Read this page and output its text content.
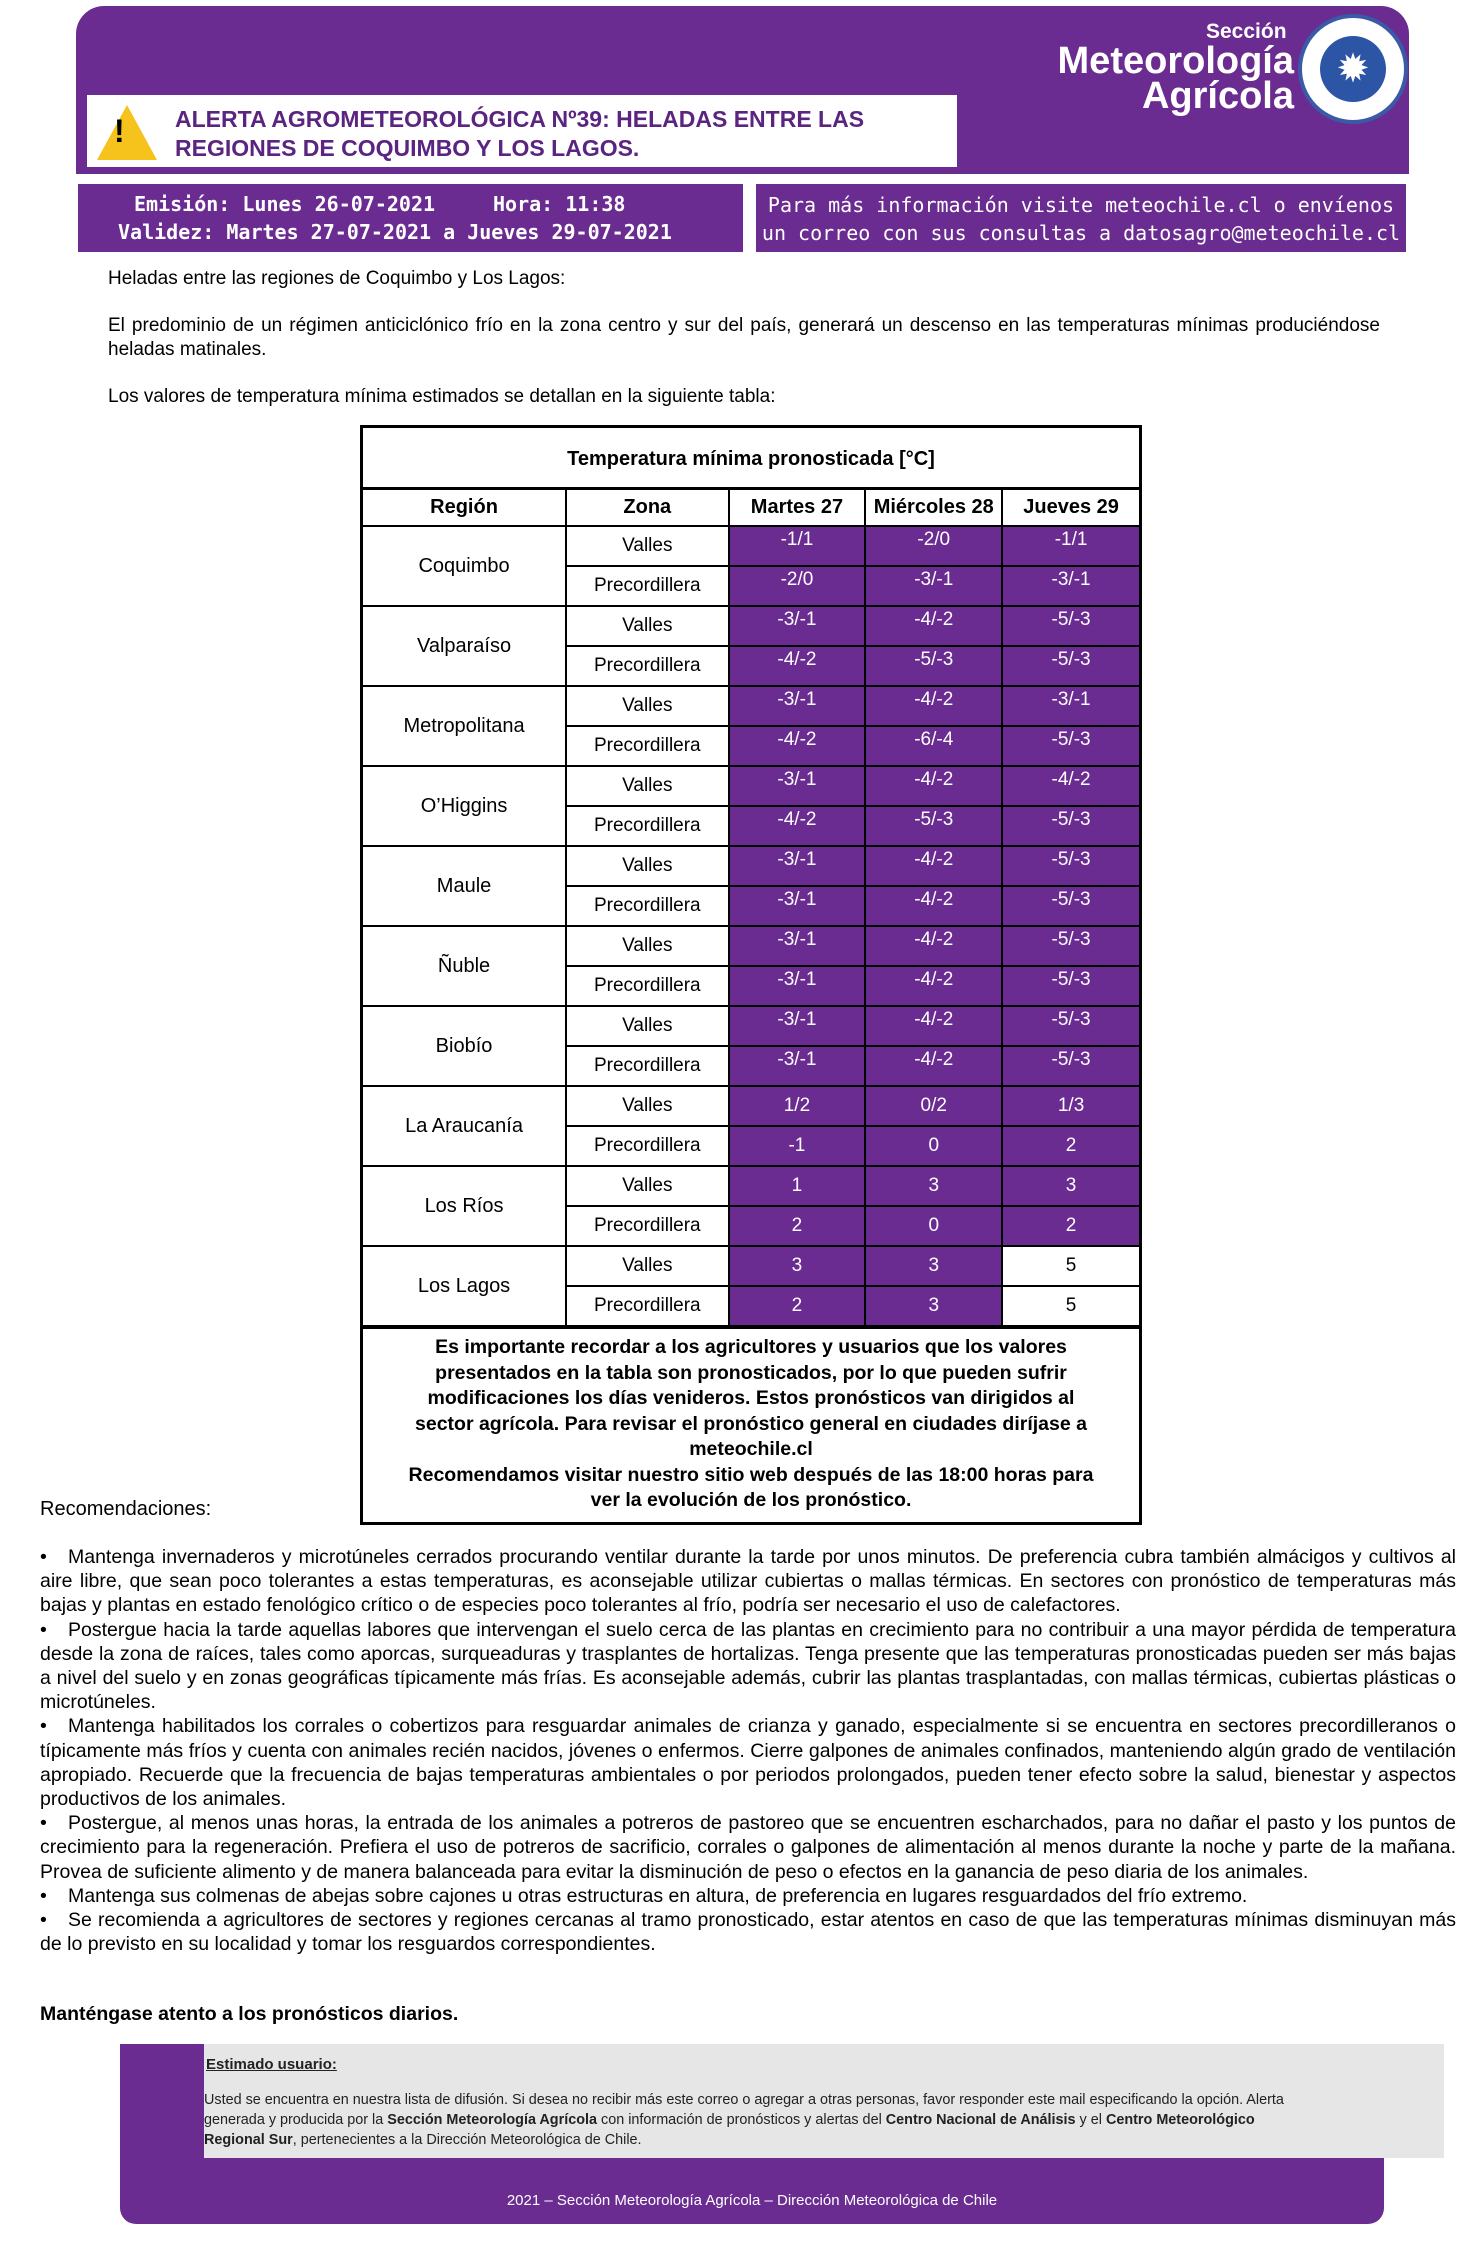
! ALERTA AGROMETEOROLÓGICA Nº39: HELADAS ENTRE LAS REGIONES DE COQUIMBO Y LOS LAGOS.
Sección
Meteorología
Agrícola
✹
Emisión: Lunes 26-07-2021	Hora: 11:38
Validez: Martes 27-07-2021 a Jueves 29-07-2021
Para más información visite meteochile.cl o envíenos un correo con sus consultas a datosagro@meteochile.cl
Heladas entre las regiones de Coquimbo y Los Lagos:
El predominio de un régimen anticiclónico frío en la zona centro y sur del país, generará un descenso en las temperaturas mínimas produciéndose heladas matinales.
Los valores de temperatura mínima estimados se detallan en la siguiente tabla:
Temperatura mínima pronosticada [°C]
Región	Zona	Martes 27	Miércoles 28	Jueves 29
Coquimbo	Valles	-1/1	-2/0	-1/1
	Precordillera	-2/0	-3/-1	-3/-1
Valparaíso	Valles	-3/-1	-4/-2	-5/-3
	Precordillera	-4/-2	-5/-3	-5/-3
Metropolitana	Valles	-3/-1	-4/-2	-3/-1
	Precordillera	-4/-2	-6/-4	-5/-3
O’Higgins	Valles	-3/-1	-4/-2	-4/-2
	Precordillera	-4/-2	-5/-3	-5/-3
Maule	Valles	-3/-1	-4/-2	-5/-3
	Precordillera	-3/-1	-4/-2	-5/-3
Ñuble	Valles	-3/-1	-4/-2	-5/-3
	Precordillera	-3/-1	-4/-2	-5/-3
Biobío	Valles	-3/-1	-4/-2	-5/-3
	Precordillera	-3/-1	-4/-2	-5/-3
La Araucanía	Valles	1/2	0/2	1/3
	Precordillera	-1	0	2
Los Ríos	Valles	1	3	3
	Precordillera	2	0	2
Los Lagos	Valles	3	3	5
	Precordillera	2	3	5
Es importante recordar a los agricultores y usuarios que los valores
presentados en la tabla son pronosticados, por lo que pueden sufrir
modificaciones los días venideros. Estos pronósticos van dirigidos al
sector agrícola. Para revisar el pronóstico general en ciudades diríjase a
meteochile.cl
Recomendamos visitar nuestro sitio web después de las 18:00 horas para
ver la evolución de los pronóstico.
Recomendaciones:
• Mantenga invernaderos y microtúneles cerrados procurando ventilar durante la tarde por unos minutos. De preferencia cubra también almácigos y cultivos al aire libre, que sean poco tolerantes a estas temperaturas, es aconsejable utilizar cubiertas o mallas térmicas. En sectores con pronóstico de temperaturas más bajas y plantas en estado fenológico crítico o de especies poco tolerantes al frío, podría ser necesario el uso de calefactores.
• Postergue hacia la tarde aquellas labores que intervengan el suelo cerca de las plantas en crecimiento para no contribuir a una mayor pérdida de temperatura desde la zona de raíces, tales como aporcas, surqueaduras y trasplantes de hortalizas. Tenga presente que las temperaturas pronosticadas pueden ser más bajas a nivel del suelo y en zonas geográficas típicamente más frías. Es aconsejable además, cubrir las plantas trasplantadas, con mallas térmicas, cubiertas plásticas o microtúneles.
• Mantenga habilitados los corrales o cobertizos para resguardar animales de crianza y ganado, especialmente si se encuentra en sectores precordilleranos o típicamente más fríos y cuenta con animales recién nacidos, jóvenes o enfermos. Cierre galpones de animales confinados, manteniendo algún grado de ventilación apropiado. Recuerde que la frecuencia de bajas temperaturas ambientales o por periodos prolongados, pueden tener efecto sobre la salud, bienestar y aspectos productivos de los animales.
• Postergue, al menos unas horas, la entrada de los animales a potreros de pastoreo que se encuentren escharchados, para no dañar el pasto y los puntos de crecimiento para la regeneración. Prefiera el uso de potreros de sacrificio, corrales o galpones de alimentación al menos durante la noche y parte de la mañana. Provea de suficiente alimento y de manera balanceada para evitar la disminución de peso o efectos en la ganancia de peso diaria de los animales.
• Mantenga sus colmenas de abejas sobre cajones u otras estructuras en altura, de preferencia en lugares resguardados del frío extremo.
• Se recomienda a agricultores de sectores y regiones cercanas al tramo pronosticado, estar atentos en caso de que las temperaturas mínimas disminuyan más de lo previsto en su localidad y tomar los resguardos correspondientes.
Manténgase atento a los pronósticos diarios.
Estimado usuario:
Usted se encuentra en nuestra lista de difusión. Si desea no recibir más este correo o agregar a otras personas, favor responder este mail especificando la opción. Alerta generada y producida por la Sección Meteorología Agrícola con información de pronósticos y alertas del Centro Nacional de Análisis y el Centro Meteorológico Regional Sur, pertenecientes a la Dirección Meteorológica de Chile.
2021 – Sección Meteorología Agrícola – Dirección Meteorológica de Chile
